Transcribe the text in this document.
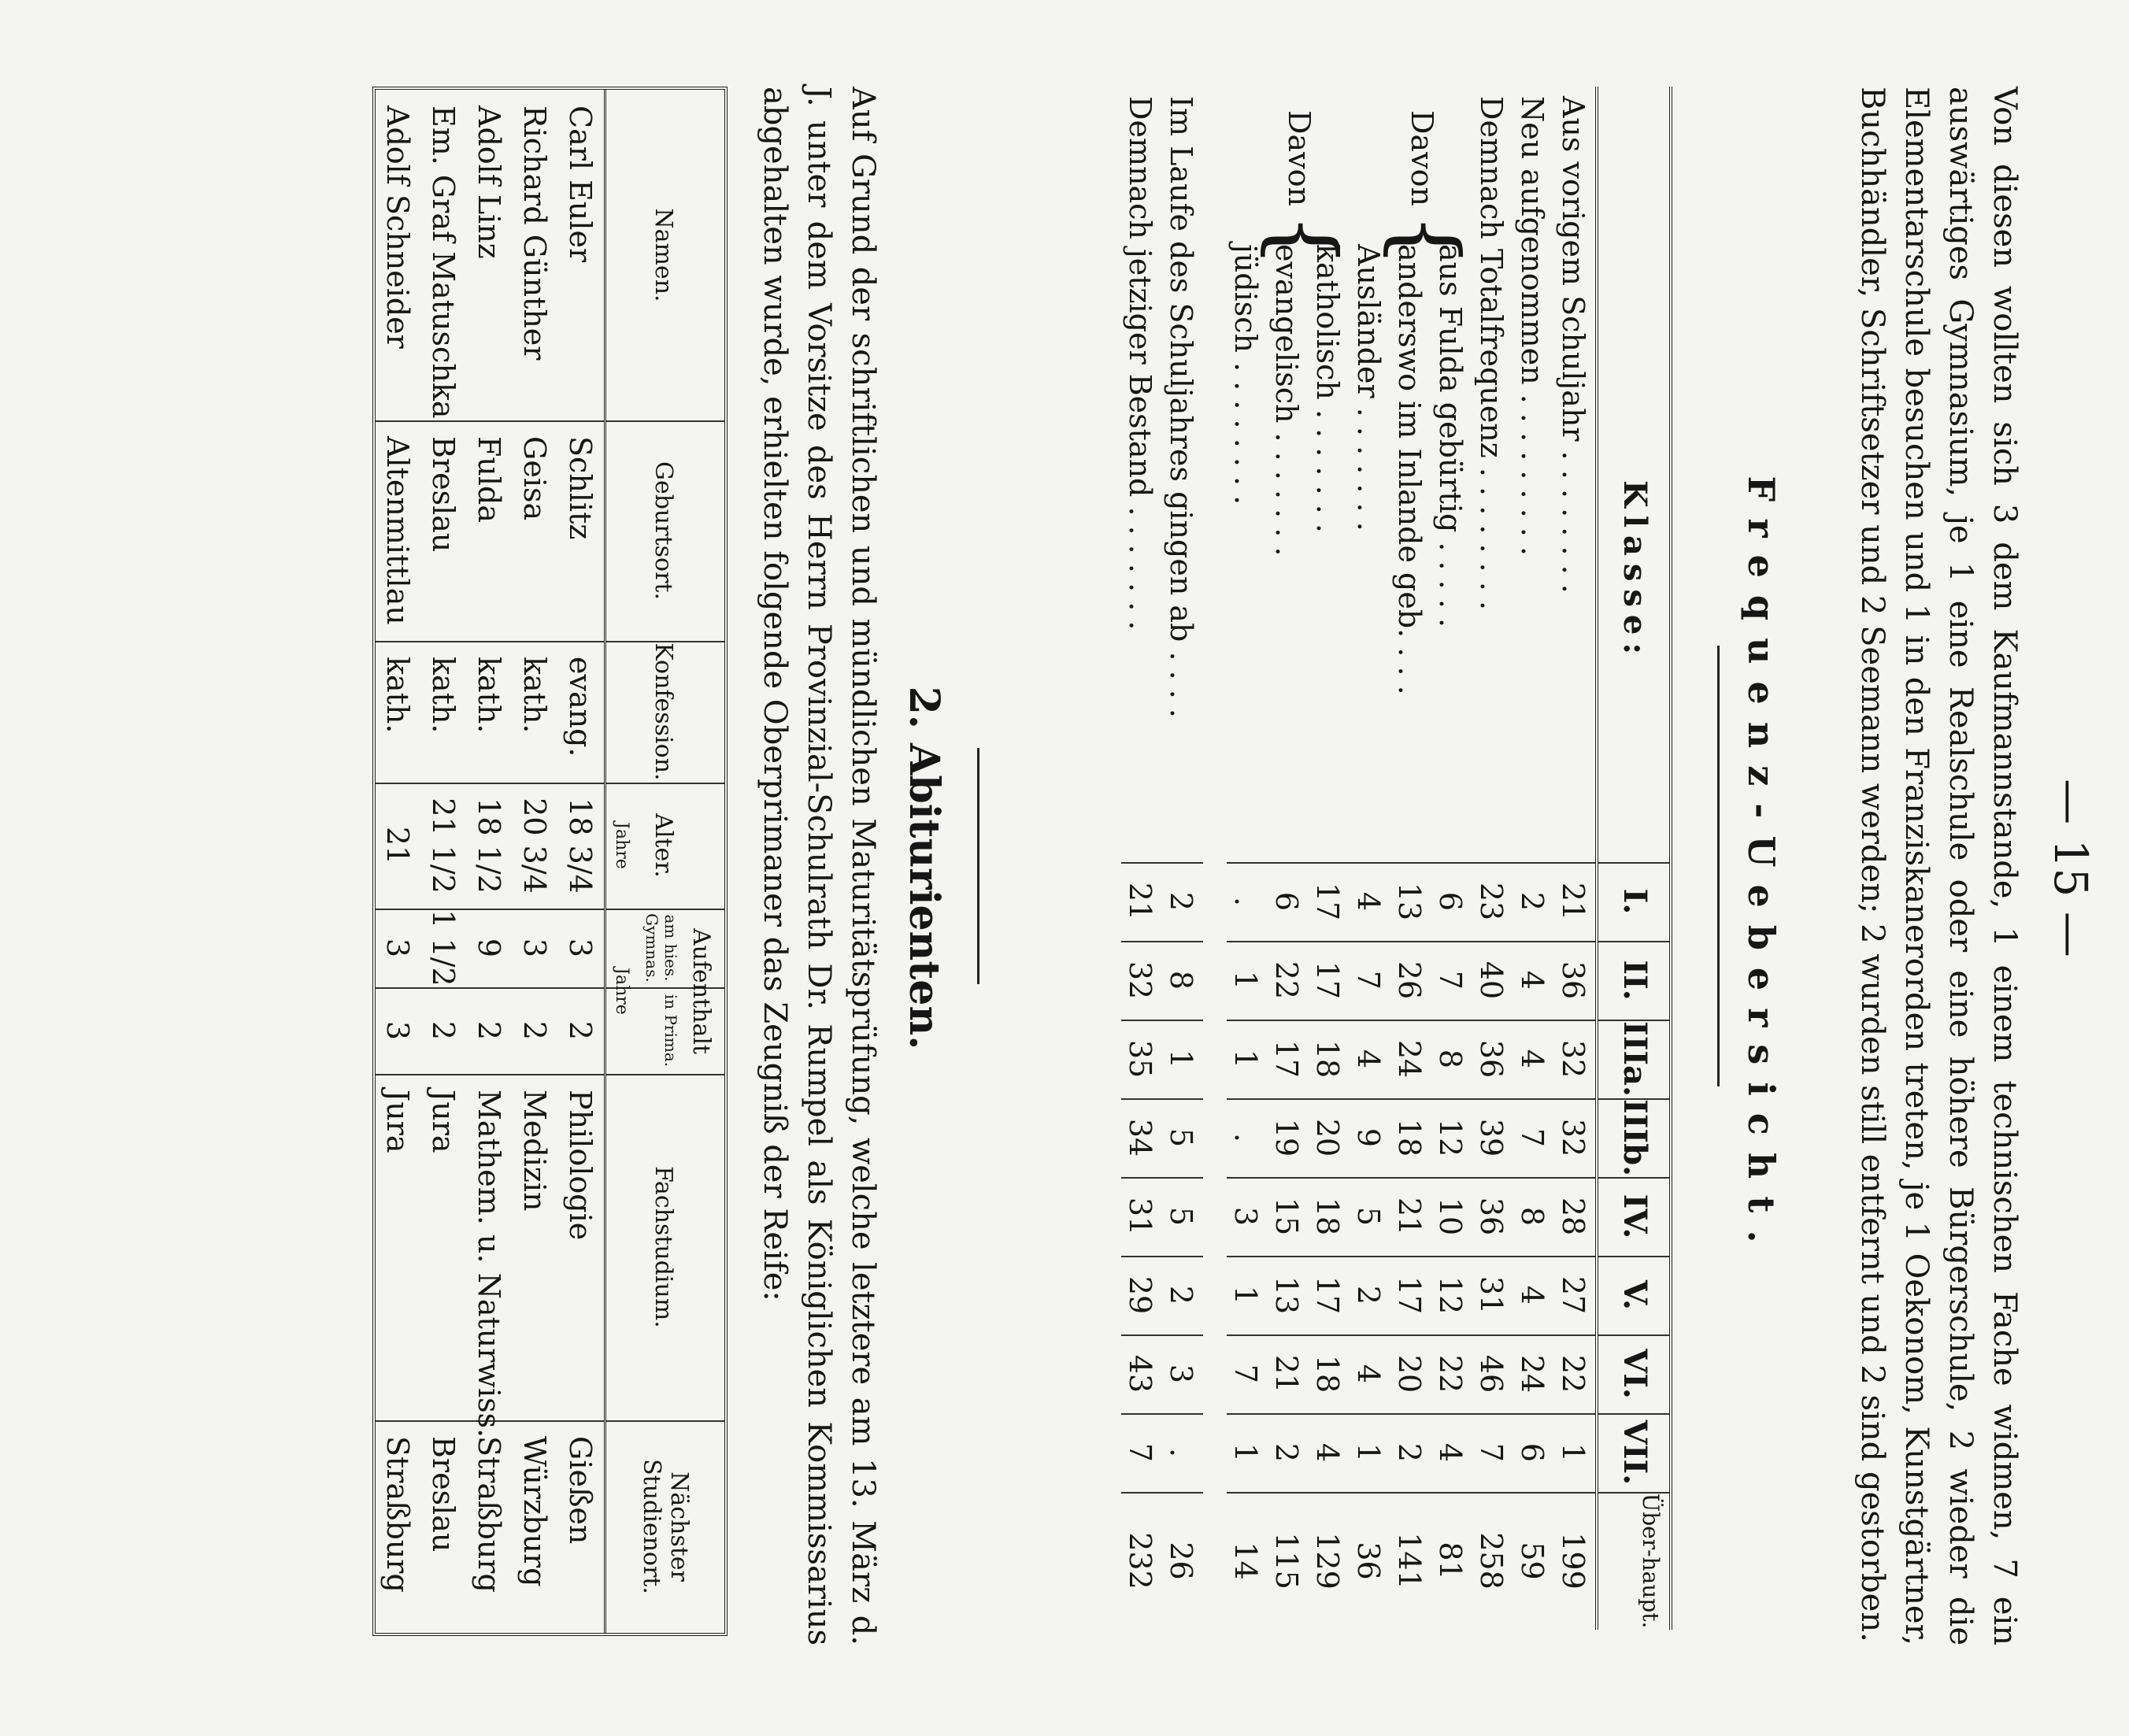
— 15 —
Von diesen wollten sich 3 dem Kaufmannstande, 1 einem technischen Fache widmen, 7 ein auswärtiges Gymnasium, je 1 eine Realschule oder eine höhere Bürgerschule, 2 wieder die Elementarschule besuchen und 1 in den Franziskanerorden treten, je 1 Oekonom, Kunstgärtner, Buchhändler, Schriftsetzer und 2 Seemann werden; 2 wurden still entfernt und 2 sind gestorben.
Frequenz-Uebersicht.
Klasse:
I.
II.
IIIa.
IIIb.
IV.
V.
VI.
VII.
Über-haupt.
Aus vorigem Schuljahr . . . . . . . .
21
36
32
32
28
27
22
1
199
Neu aufgenommen . . . . . . . . .
2
4
4
7
8
4
24
6
59
Demnach Totalfrequenz . . . . . . . .
23
40
36
39
36
31
46
7
258
aus Fulda gebürtig . . . . .
6
7
8
12
10
12
22
4
81
anderswo im Inlande geb. . . .
13
26
24
18
21
17
20
2
141
Ausländer . . . . . . .
4
7
4
9
5
2
4
1
36
katholisch . . . . . . .
17
17
18
20
18
17
18
4
129
evangelisch . . . . . . .
6
22
17
19
15
13
21
2
115
jüdisch . . . . . . . .
.
1
1
.
3
1
7
1
14
Im Laufe des Schuljahres gingen ab . . . .
2
8
1
5
5
2
3
.
26
Demnach jetziger Bestand . . . . . . .
21
32
35
34
31
29
43
7
232
Davon
{
Davon
{
2. Abiturienten.
Auf Grund der schriftlichen und mündlichen Maturitätsprüfung, welche letztere am 13. März d. J. unter dem Vorsitze des Herrn Provinzial-Schulrath Dr. Rumpel als Königlichen Kommissarius abgehalten wurde, erhielten folgende Oberprimaner das Zeugniß der Reife:
Namen.
Geburtsort.
Konfession.
Alter.
Jahre
Aufenthalt
am hies. Gymnas.
in Prima.
Jahre
Fachstudium.
Nächster Studienort.
Carl Euler
Schlitz
evang.
18 3/4
3
2
Philologie
Gießen
Richard Günther
Geisa
kath.
20 3/4
3
2
Medizin
Würzburg
Adolf Linz
Fulda
kath.
18 1/2
9
2
Mathem. u. Naturwiss.
Straßburg
Em. Graf Matuschka
Breslau
kath.
21 1/2
1 1/2
2
Jura
Breslau
Adolf Schneider
Altenmittlau
kath.
21
3
3
Jura
Straßburg
